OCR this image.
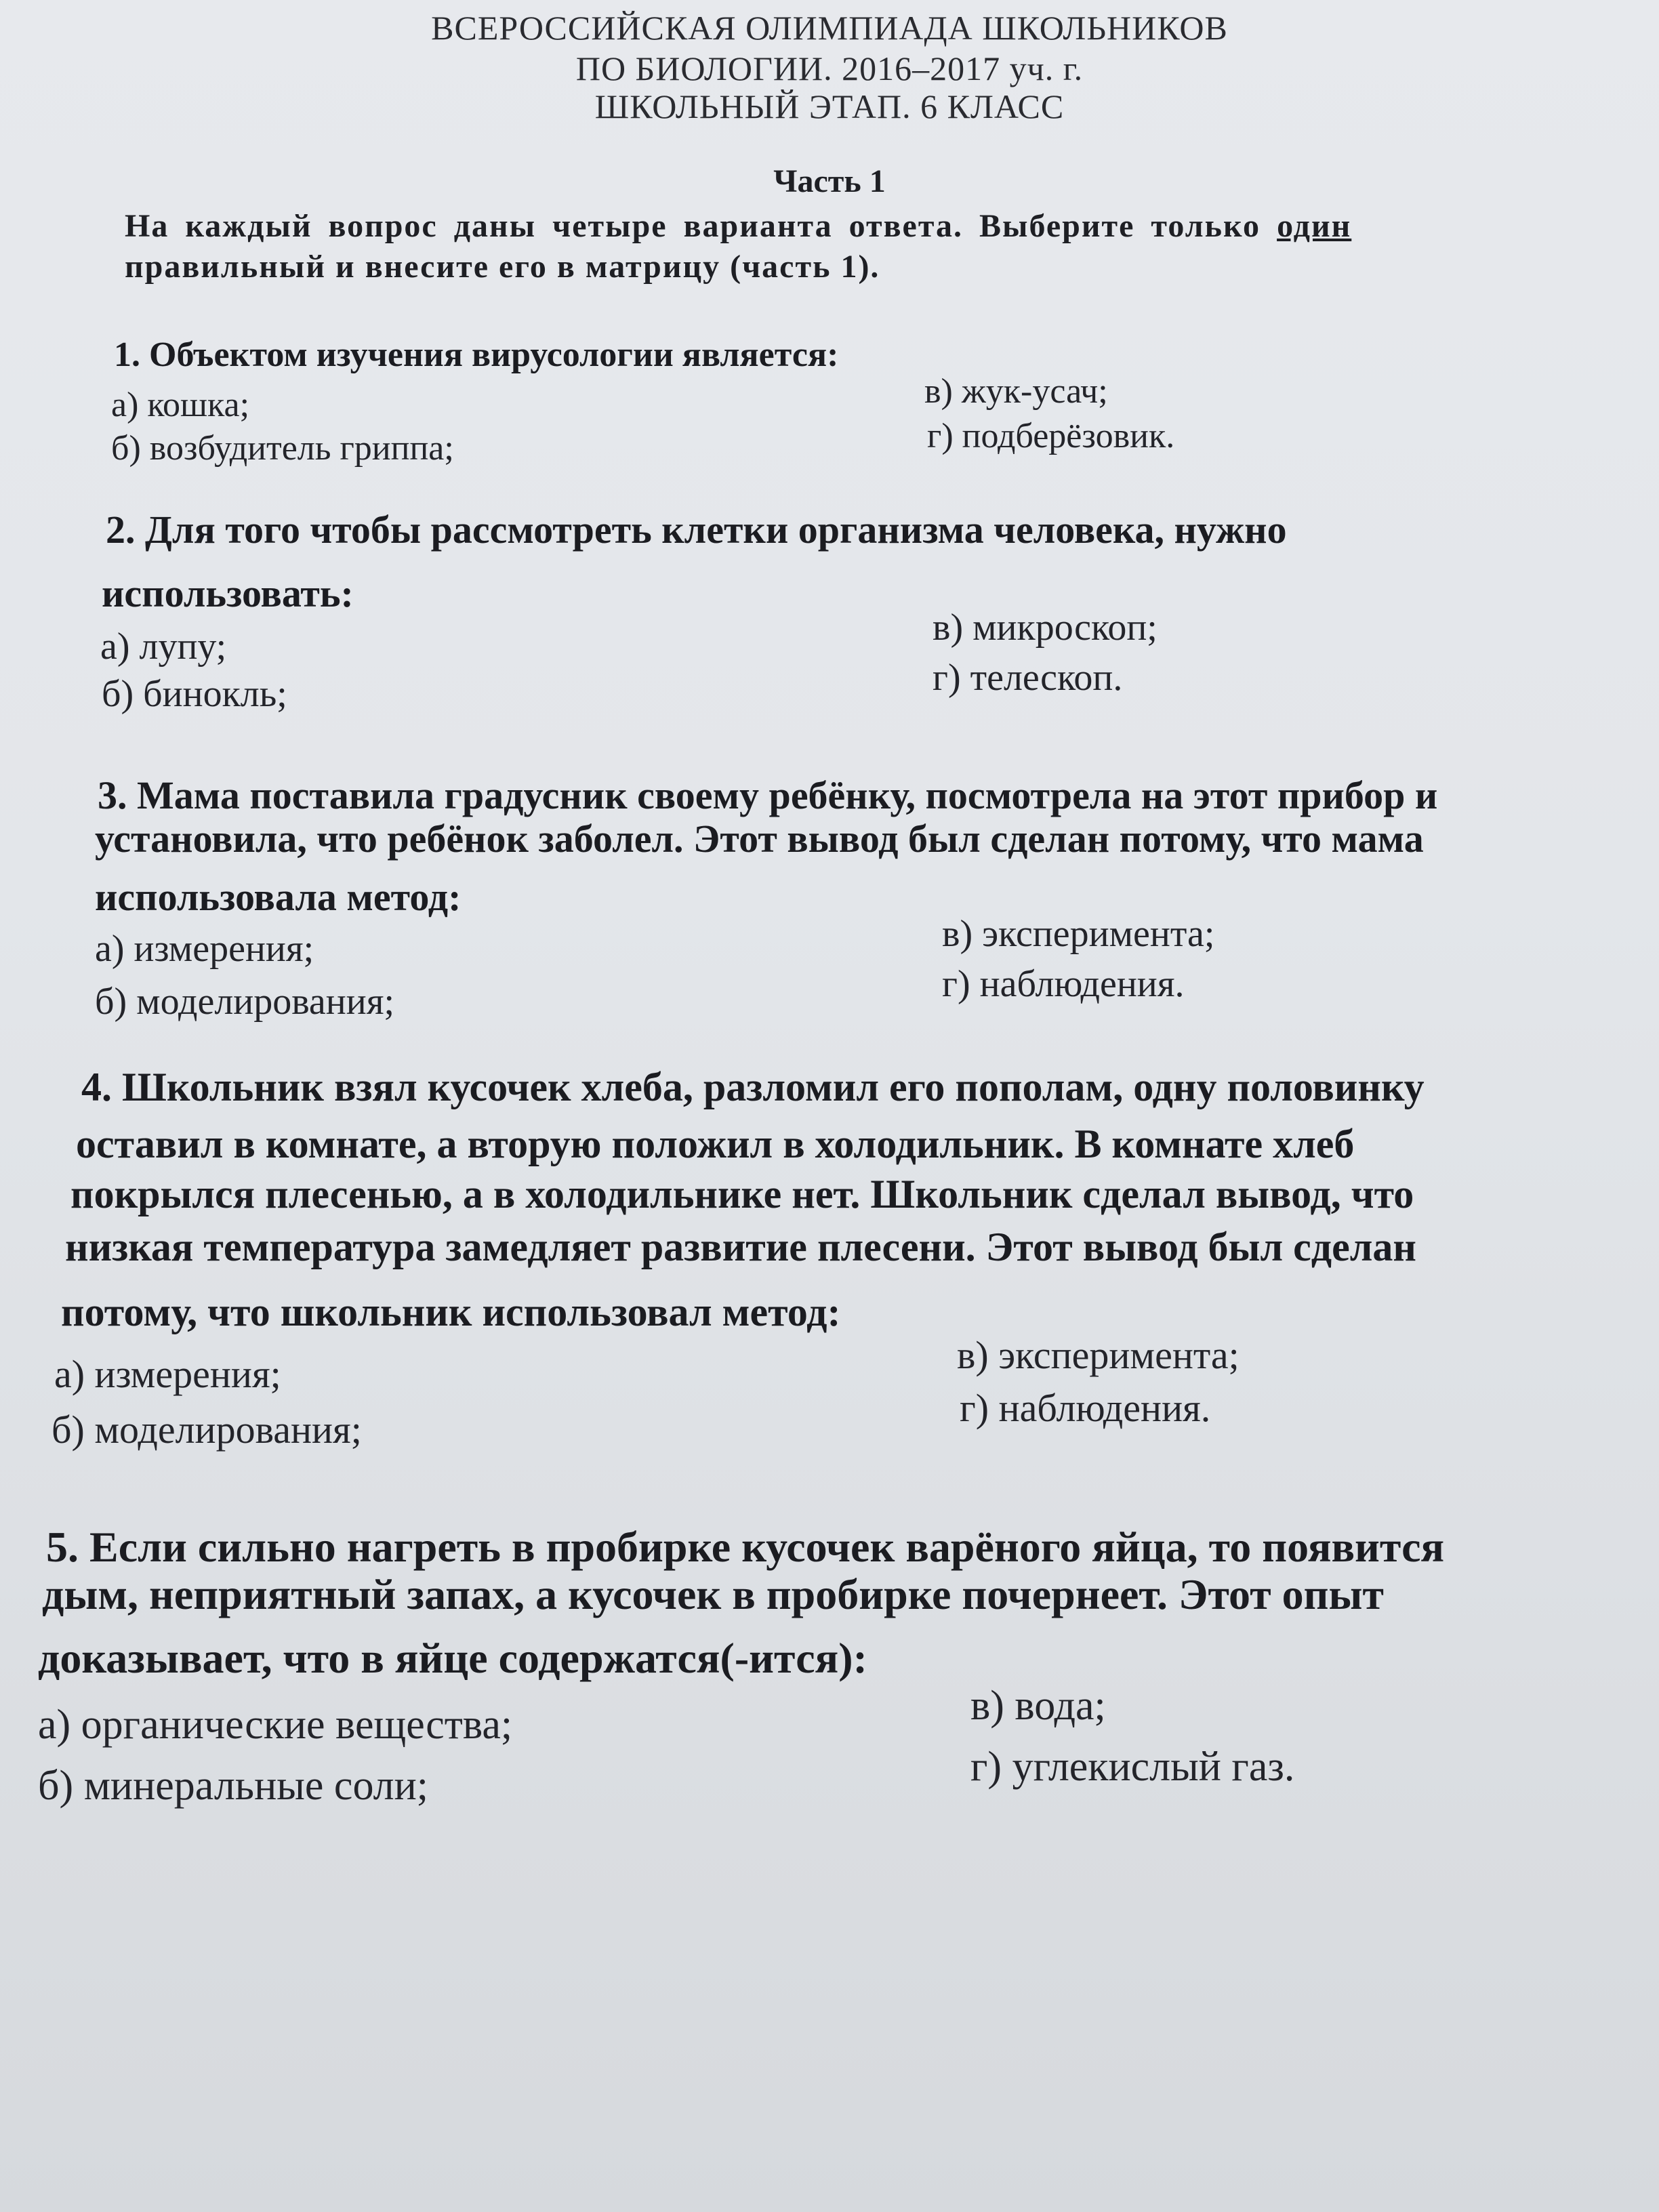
ВСЕРОССИЙСКАЯ ОЛИМПИАДА ШКОЛЬНИКОВ
ПО БИОЛОГИИ. 2016–2017 уч. г.
ШКОЛЬНЫЙ ЭТАП. 6 КЛАСС
Часть 1
На каждый вопрос даны четыре варианта ответа. Выберите только один
правильный и внесите его в матрицу (часть 1).
1. Объектом изучения вирусологии является:
а) кошка;
б) возбудитель гриппа;
в) жук-усач;
г) подберёзовик.
2. Для того чтобы рассмотреть клетки организма человека, нужно
использовать:
а) лупу;
б) бинокль;
в) микроскоп;
г) телескоп.
3. Мама поставила градусник своему ребёнку, посмотрела на этот прибор и
установила, что ребёнок заболел. Этот вывод был сделан потому, что мама
использовала метод:
а) измерения;
б) моделирования;
в) эксперимента;
г) наблюдения.
4. Школьник взял кусочек хлеба, разломил его пополам, одну половинку
оставил в комнате, а вторую положил в холодильник. В комнате хлеб
покрылся плесенью, а в холодильнике нет. Школьник сделал вывод, что
низкая температура замедляет развитие плесени. Этот вывод был сделан
потому, что школьник использовал метод:
а) измерения;
б) моделирования;
в) эксперимента;
г) наблюдения.
5. Если сильно нагреть в пробирке кусочек варёного яйца, то появится
дым, неприятный запах, а кусочек в пробирке почернеет. Этот опыт
доказывает, что в яйце содержатся(-ится):
а) органические вещества;
б) минеральные соли;
в) вода;
г) углекислый газ.
